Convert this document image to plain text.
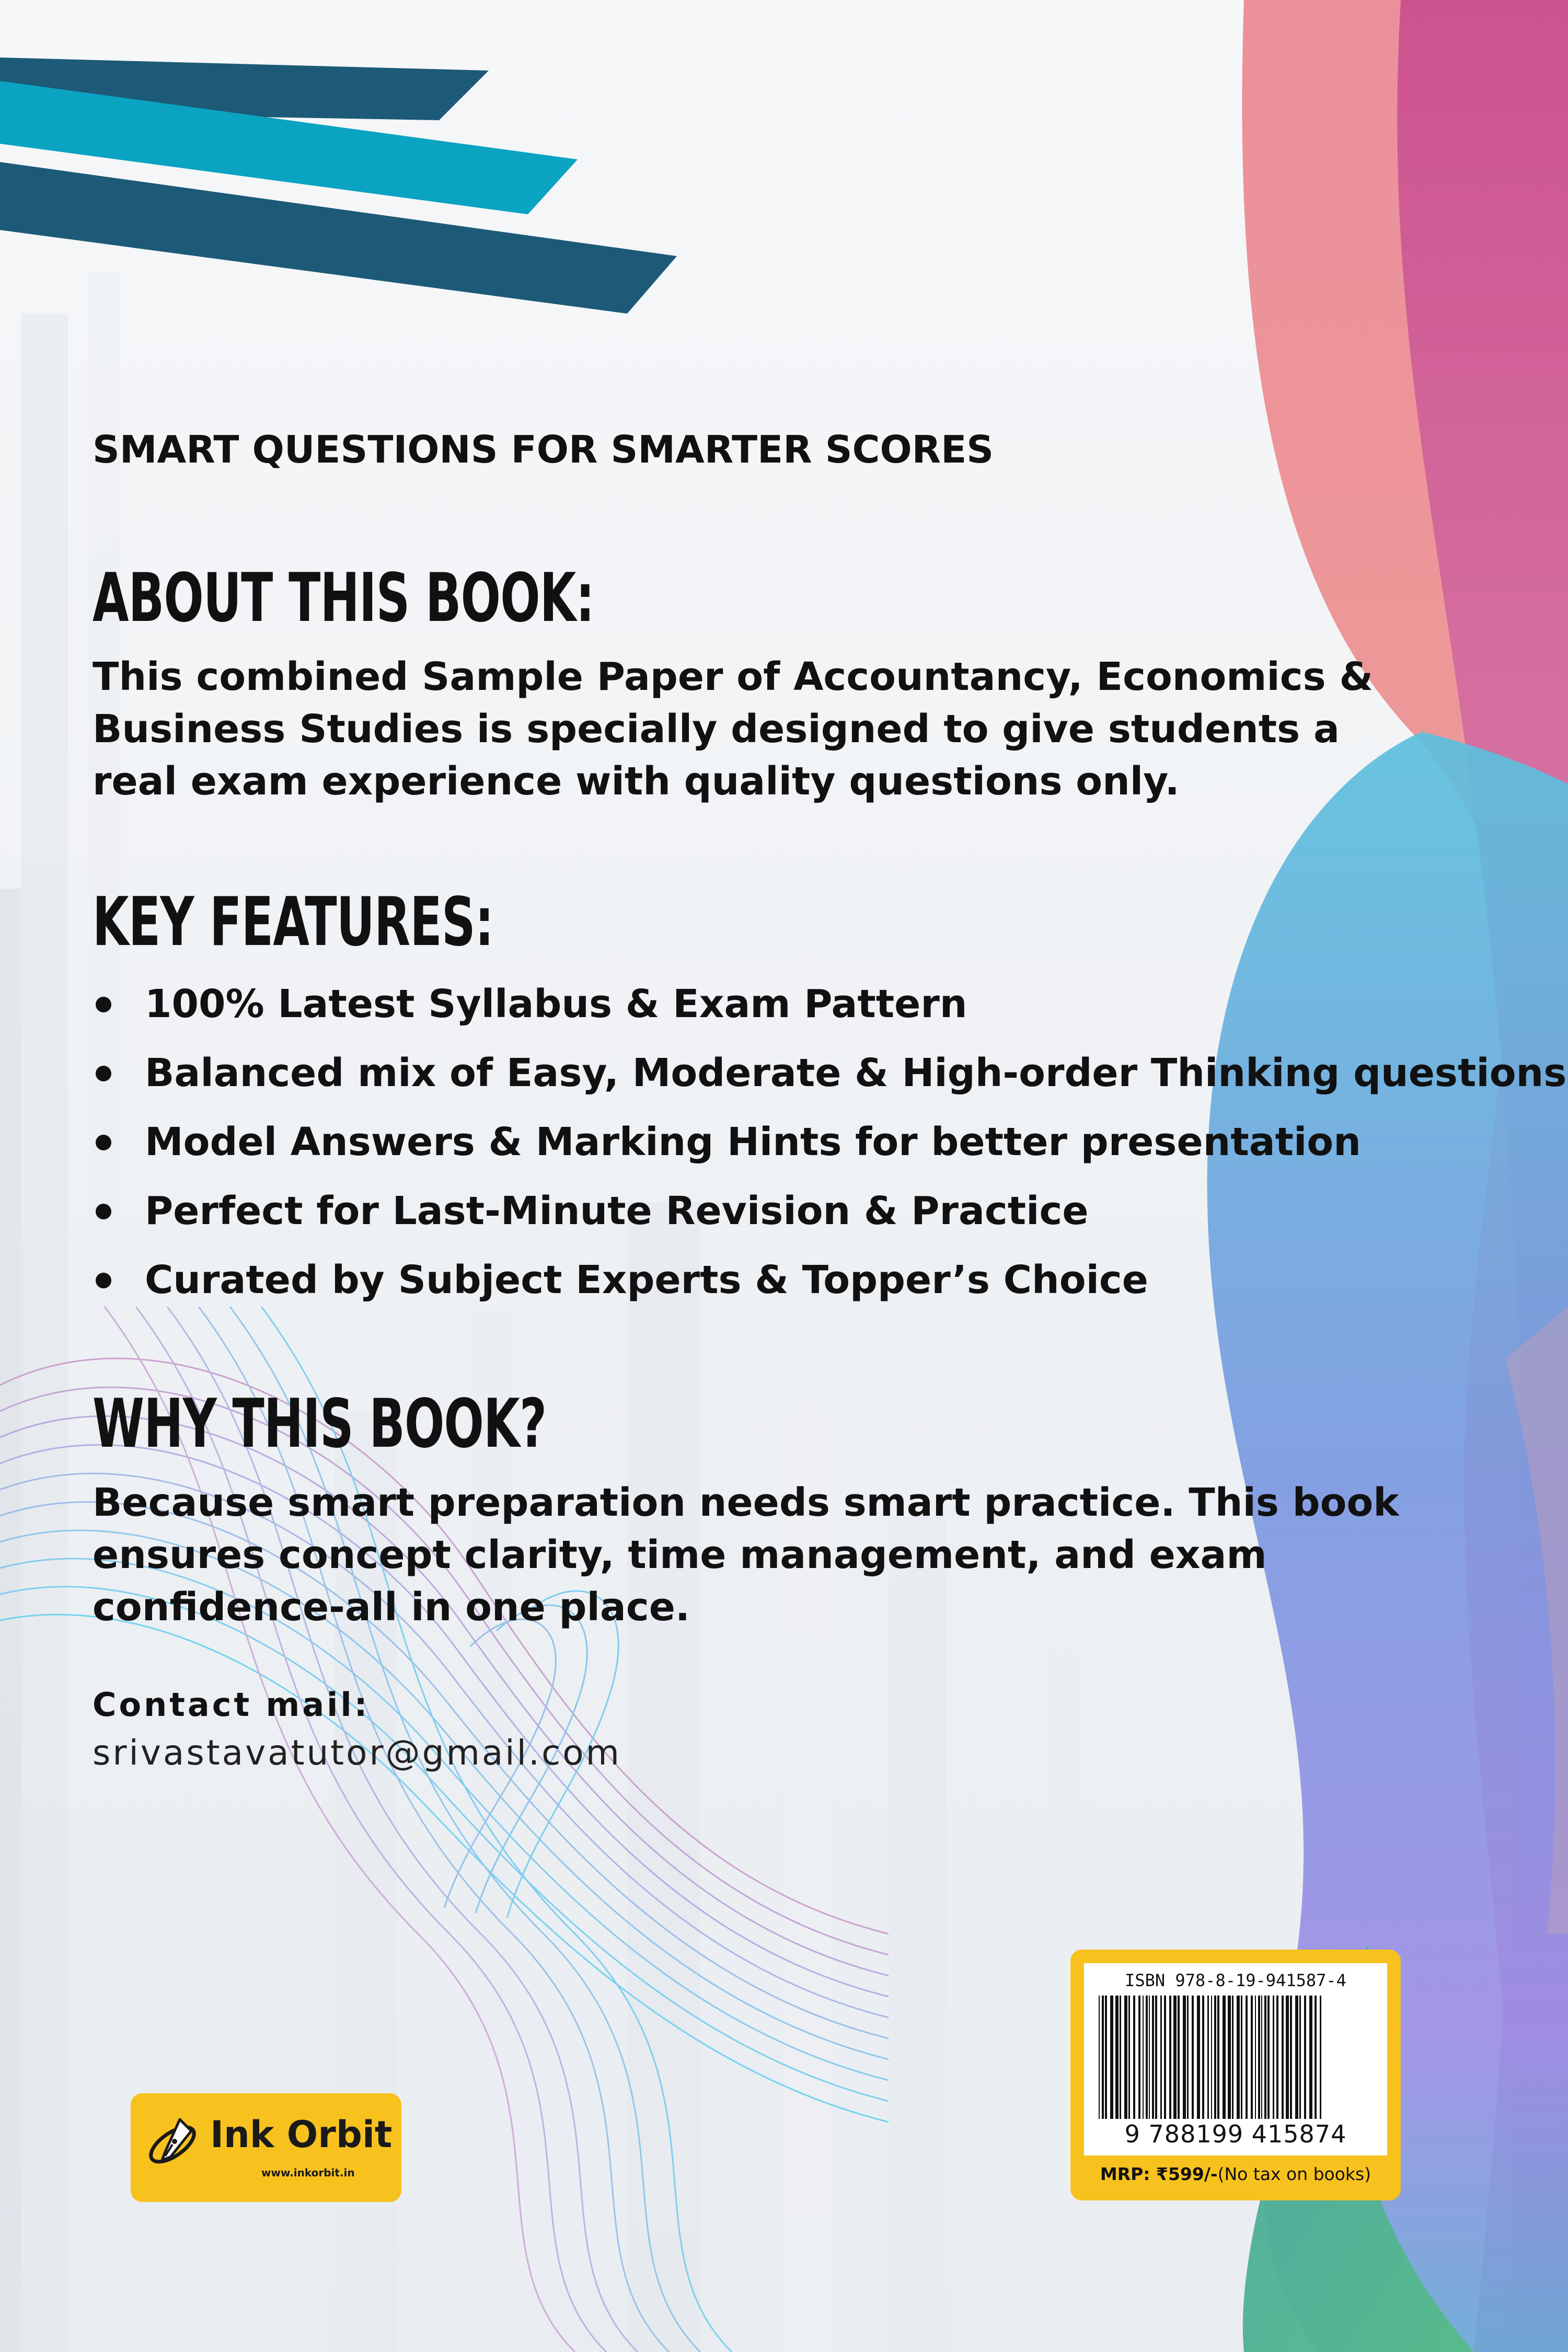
SMART QUESTIONS FOR SMARTER SCORES
ABOUT THIS BOOK:
This combined Sample Paper of Accountancy, Economics & Business Studies is specially designed to give students a real exam experience with quality questions only.
KEY FEATURES:
100% Latest Syllabus & Exam Pattern
Balanced mix of Easy, Moderate & High-order Thinking questions
Model Answers & Marking Hints for better presentation
Perfect for Last-Minute Revision & Practice
Curated by Subject Experts & Topper’s Choice
WHY THIS BOOK?
Because smart preparation needs smart practice. This book ensures concept clarity, time management, and exam confidence-all in one place.
Contact mail:
srivastavatutor@gmail.com
Ink Orbit
www.inkorbit.in
ISBN 978-8-19-941587-4
9 788199 415874
MRP: ₹599/-(No tax on books)
